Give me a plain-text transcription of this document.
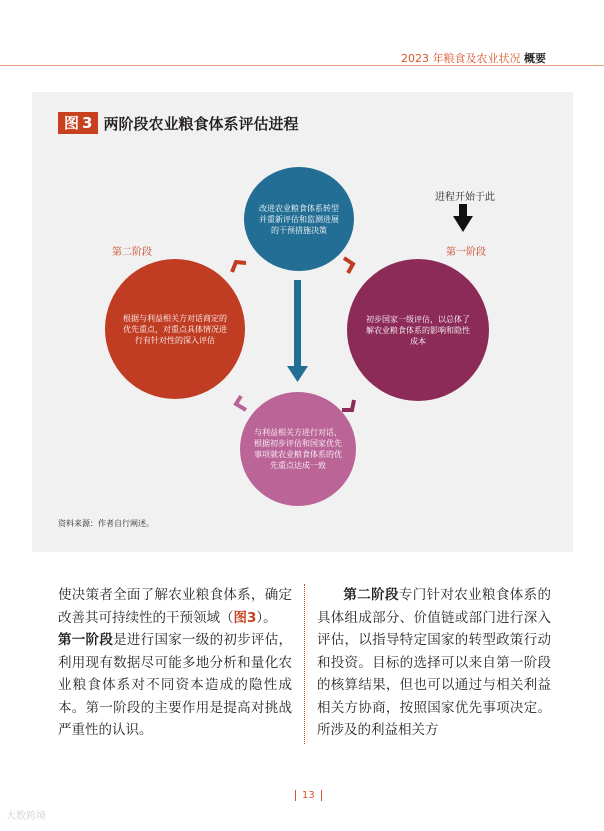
2023 年粮食及农业状况 概要
图 3 两阶段农业粮食体系评估进程
进程开始于此
第一阶段
第二阶段
改进农业粮食体系转型并重新评估和监测进展的干预措施决策
初步国家一级评估，以总体了解农业粮食体系的影响和隐性成本
与利益相关方进行对话，根据初步评估和国家优先事项就农业粮食体系的优先重点达成一致
根据与利益相关方对话商定的优先重点，对重点具体情况进行有针对性的深入评估
资料来源：作者自行阐述。
使决策者全面了解农业粮食体系，确定改善其可持续性的干预领域（图3）。
第一阶段是进行国家一级的初步评估，利用现有数据尽可能多地分析和量化农业粮食体系对不同资本造成的隐性成本。第一阶段的主要作用是提高对挑战严重性的认识。
第二阶段专门针对农业粮食体系的具体组成部分、价值链或部门进行深入评估，以指导特定国家的转型政策行动和投资。目标的选择可以来自第一阶段的核算结果，但也可以通过与相关利益相关方协商，按照国家优先事项决定。所涉及的利益相关方
13
大数跨境
